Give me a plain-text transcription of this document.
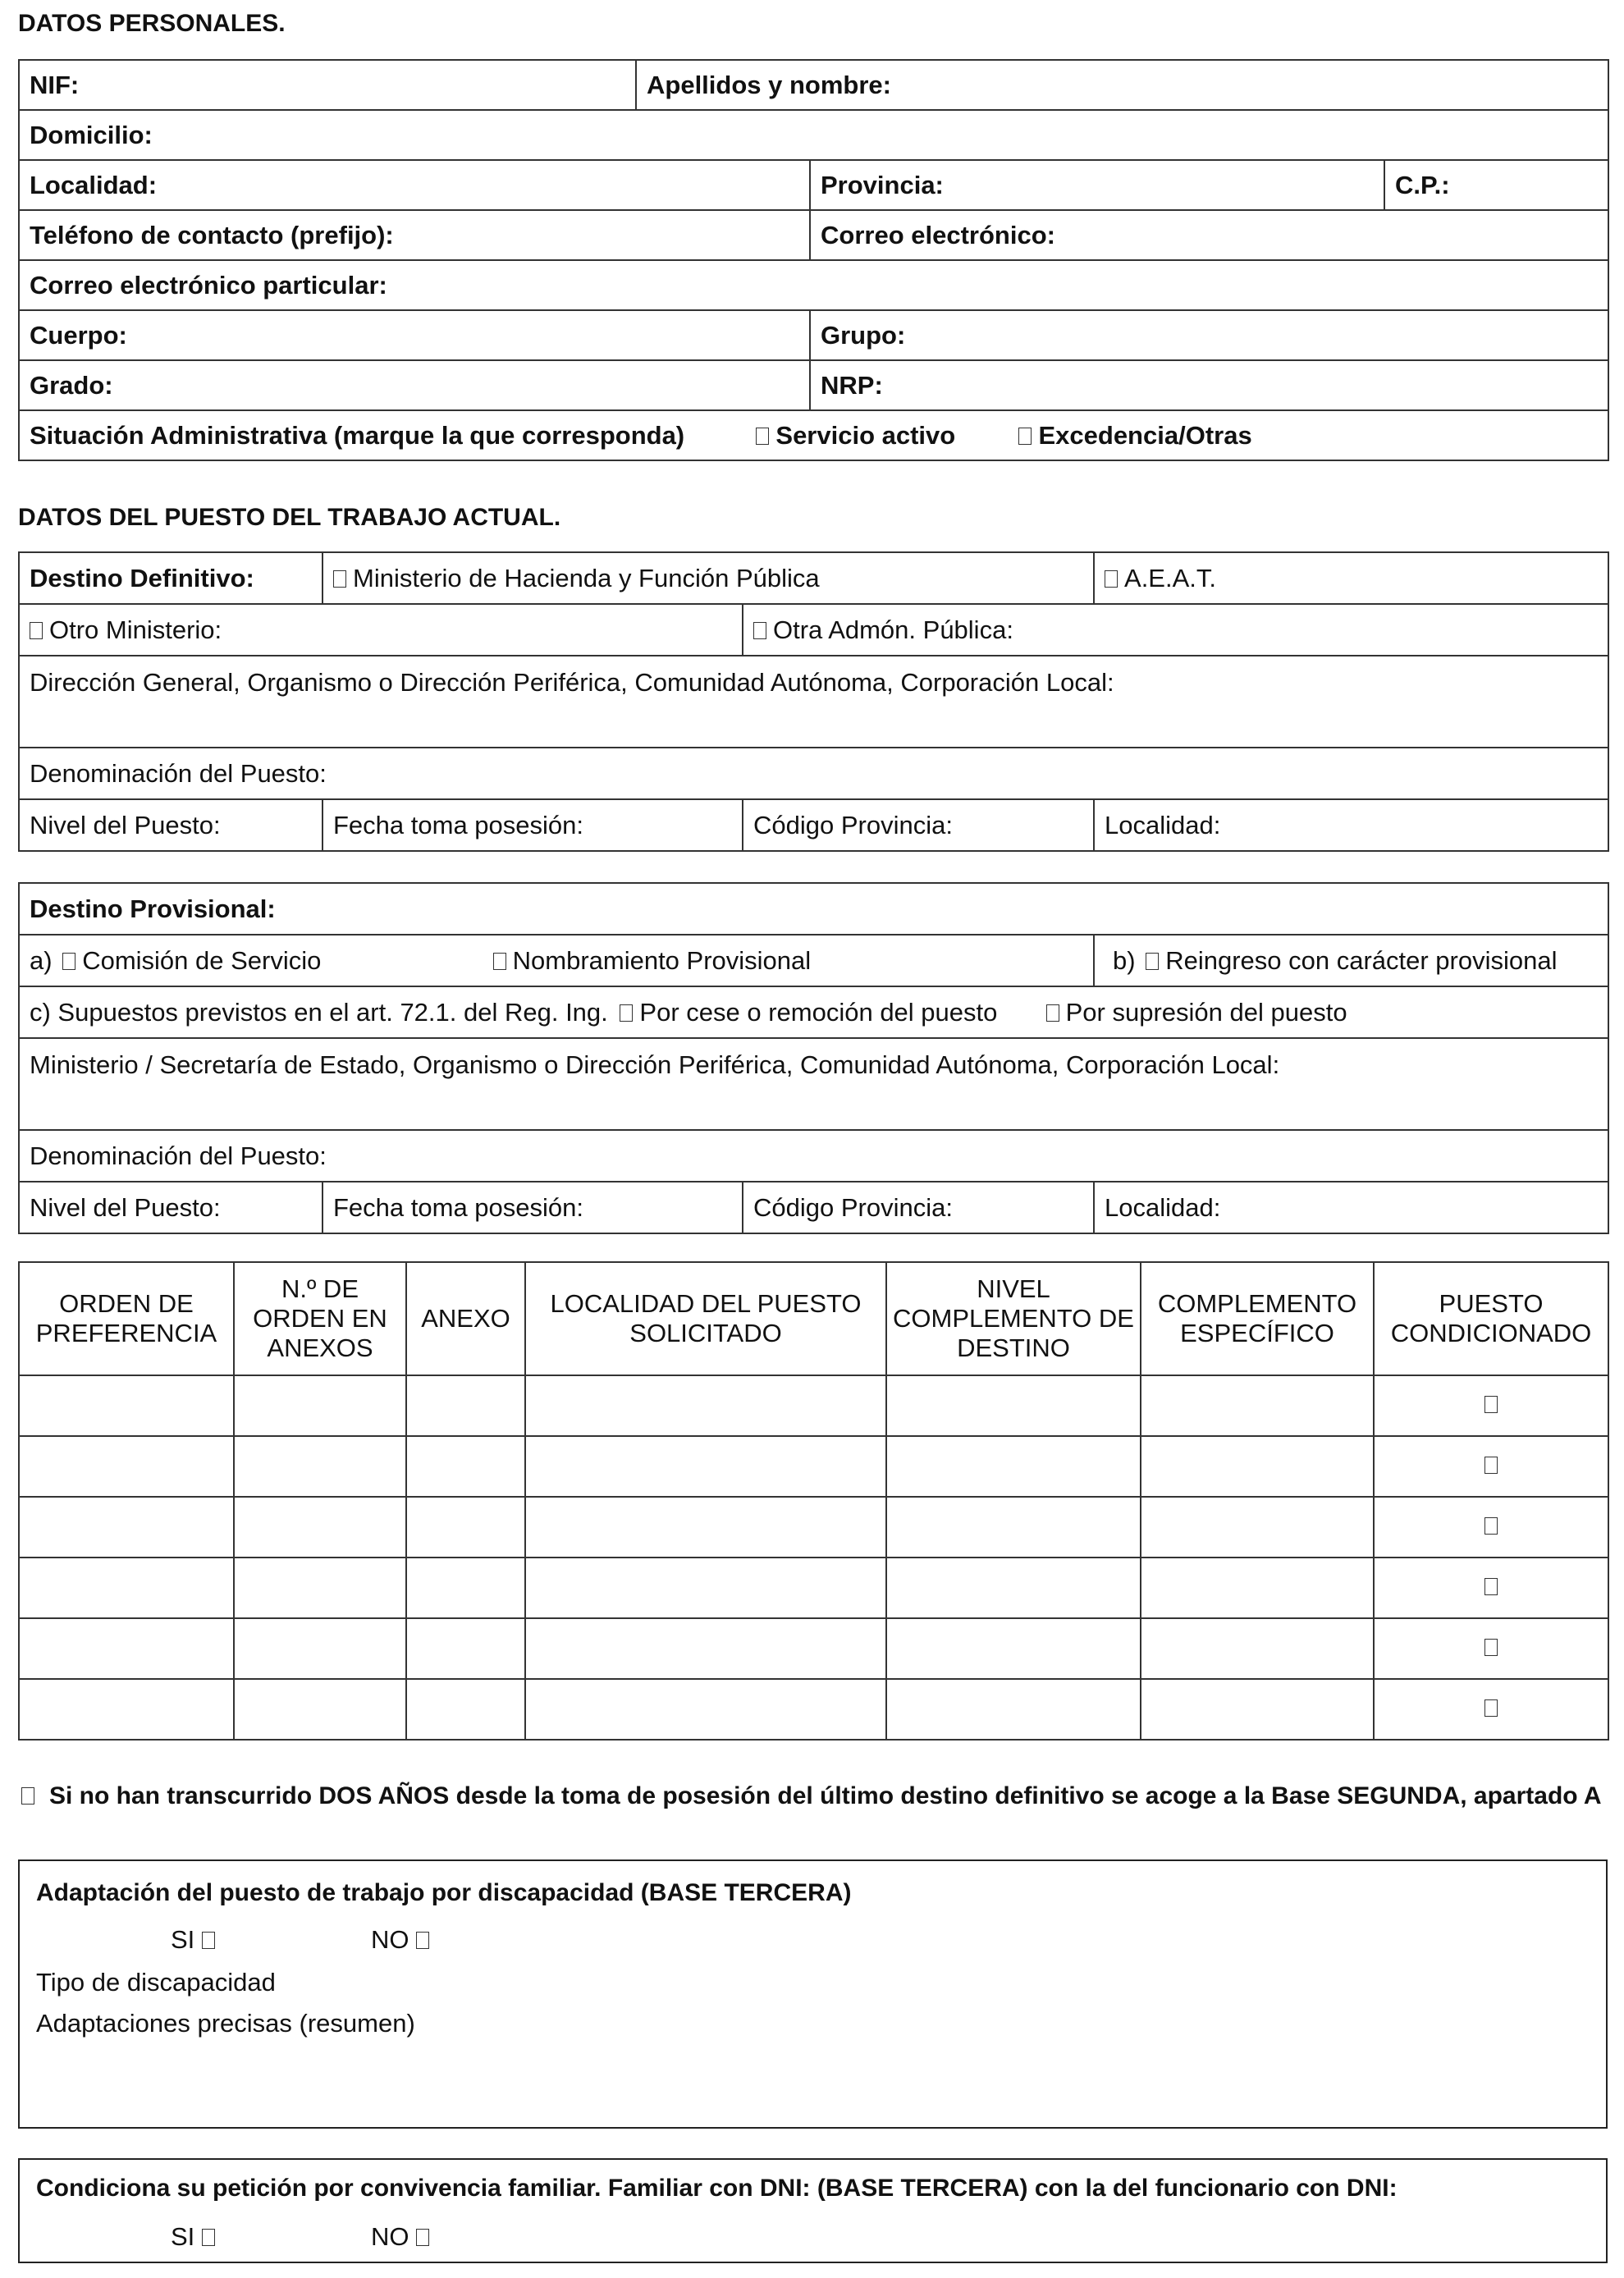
DATOS PERSONALES.
NIF:	Apellidos y nombre:		
Domicilio:			
Localidad:		Provincia:	C.P.:
Teléfono de contacto (prefijo):		Correo electrónico:	
Correo electrónico particular:			
Cuerpo:		Grupo:	
Grado:		NRP:	
Situación Administrativa (marque la que corresponda) Servicio activo Excedencia/Otras			
DATOS DEL PUESTO DEL TRABAJO ACTUAL.
Destino Definitivo:	Ministerio de Hacienda y Función Pública		A.E.A.T.
Otro Ministerio:		Otra Admón. Pública:	
Dirección General, Organismo o Dirección Periférica, Comunidad Autónoma, Corporación Local:			
Denominación del Puesto:			
Nivel del Puesto:	Fecha toma posesión:	Código Provincia:	Localidad:
Destino Provisional:			
a) Comisión de Servicio Nombramiento Provisional			b) Reingreso con carácter provisional
c) Supuestos previstos en el art. 72.1. del Reg. Ing. Por cese o remoción del puesto Por supresión del puesto			
Ministerio / Secretaría de Estado, Organismo o Dirección Periférica, Comunidad Autónoma, Corporación Local:			
Denominación del Puesto:			
Nivel del Puesto:	Fecha toma posesión:	Código Provincia:	Localidad:
ORDEN DE PREFERENCIA	N.º DE ORDEN EN ANEXOS	ANEXO	LOCALIDAD DEL PUESTO SOLICITADO	NIVEL COMPLEMENTO DE DESTINO	COMPLEMENTO ESPECÍFICO	PUESTO CONDICIONADO

Si no han transcurrido DOS AÑOS desde la toma de posesión del último destino definitivo se acoge a la Base SEGUNDA, apartado A
Adaptación del puesto de trabajo por discapacidad (BASE TERCERA)
SI	NO
Tipo de discapacidad
Adaptaciones precisas (resumen)
Condiciona su petición por convivencia familiar. Familiar con DNI: (BASE TERCERA) con la del funcionario con DNI:
SI	NO
